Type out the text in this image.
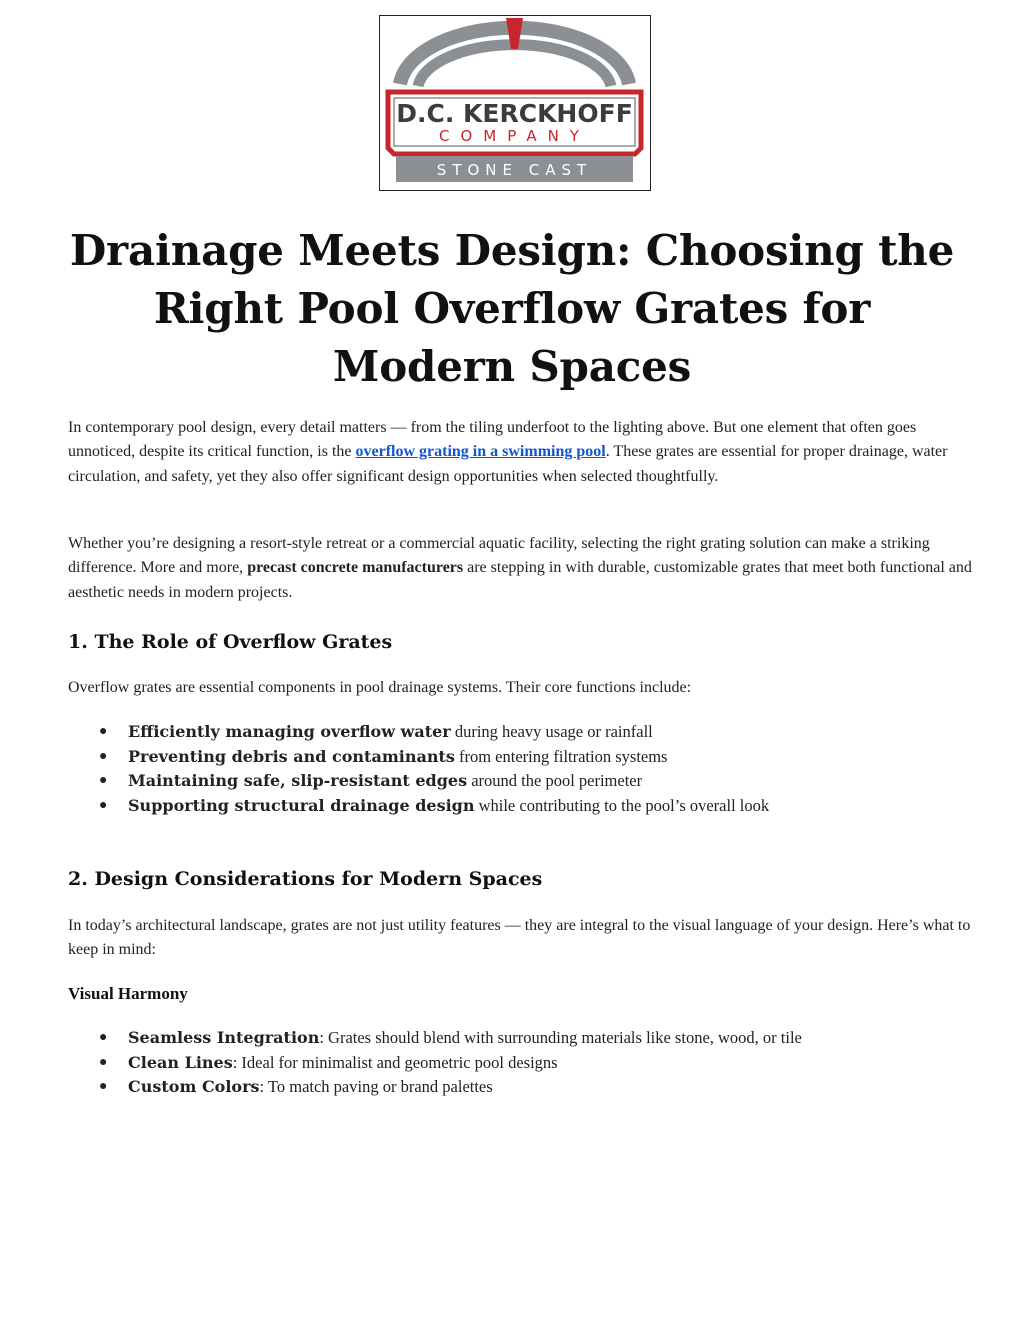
D.C. KERCKHOFF
COMPANY
STONE CAST
Drainage Meets Design: Choosing the Right Pool Overflow Grates for Modern Spaces

In contemporary pool design, every detail matters — from the tiling underfoot to the lighting above. But one element that often goes unnoticed, despite its critical function, is the overflow grating in a swimming pool. These grates are essential for proper drainage, water circulation, and safety, yet they also offer significant design opportunities when selected thoughtfully.

Whether you’re designing a resort-style retreat or a commercial aquatic facility, selecting the right grating solution can make a striking difference. More and more, precast concrete manufacturers are stepping in with durable, customizable grates that meet both functional and aesthetic needs in modern projects.

1. The Role of Overflow Grates

Overflow grates are essential components in pool drainage systems. Their core functions include:

● Efficiently managing overflow water during heavy usage or rainfall
● Preventing debris and contaminants from entering filtration systems
● Maintaining safe, slip-resistant edges around the pool perimeter
● Supporting structural drainage design while contributing to the pool’s overall look
2. Design Considerations for Modern Spaces

In today’s architectural landscape, grates are not just utility features — they are integral to the visual language of your design. Here’s what to keep in mind:

Visual Harmony
● Seamless Integration: Grates should blend with surrounding materials like stone, wood, or tile
● Clean Lines: Ideal for minimalist and geometric pool designs
● Custom Colors: To match paving or brand palettes
